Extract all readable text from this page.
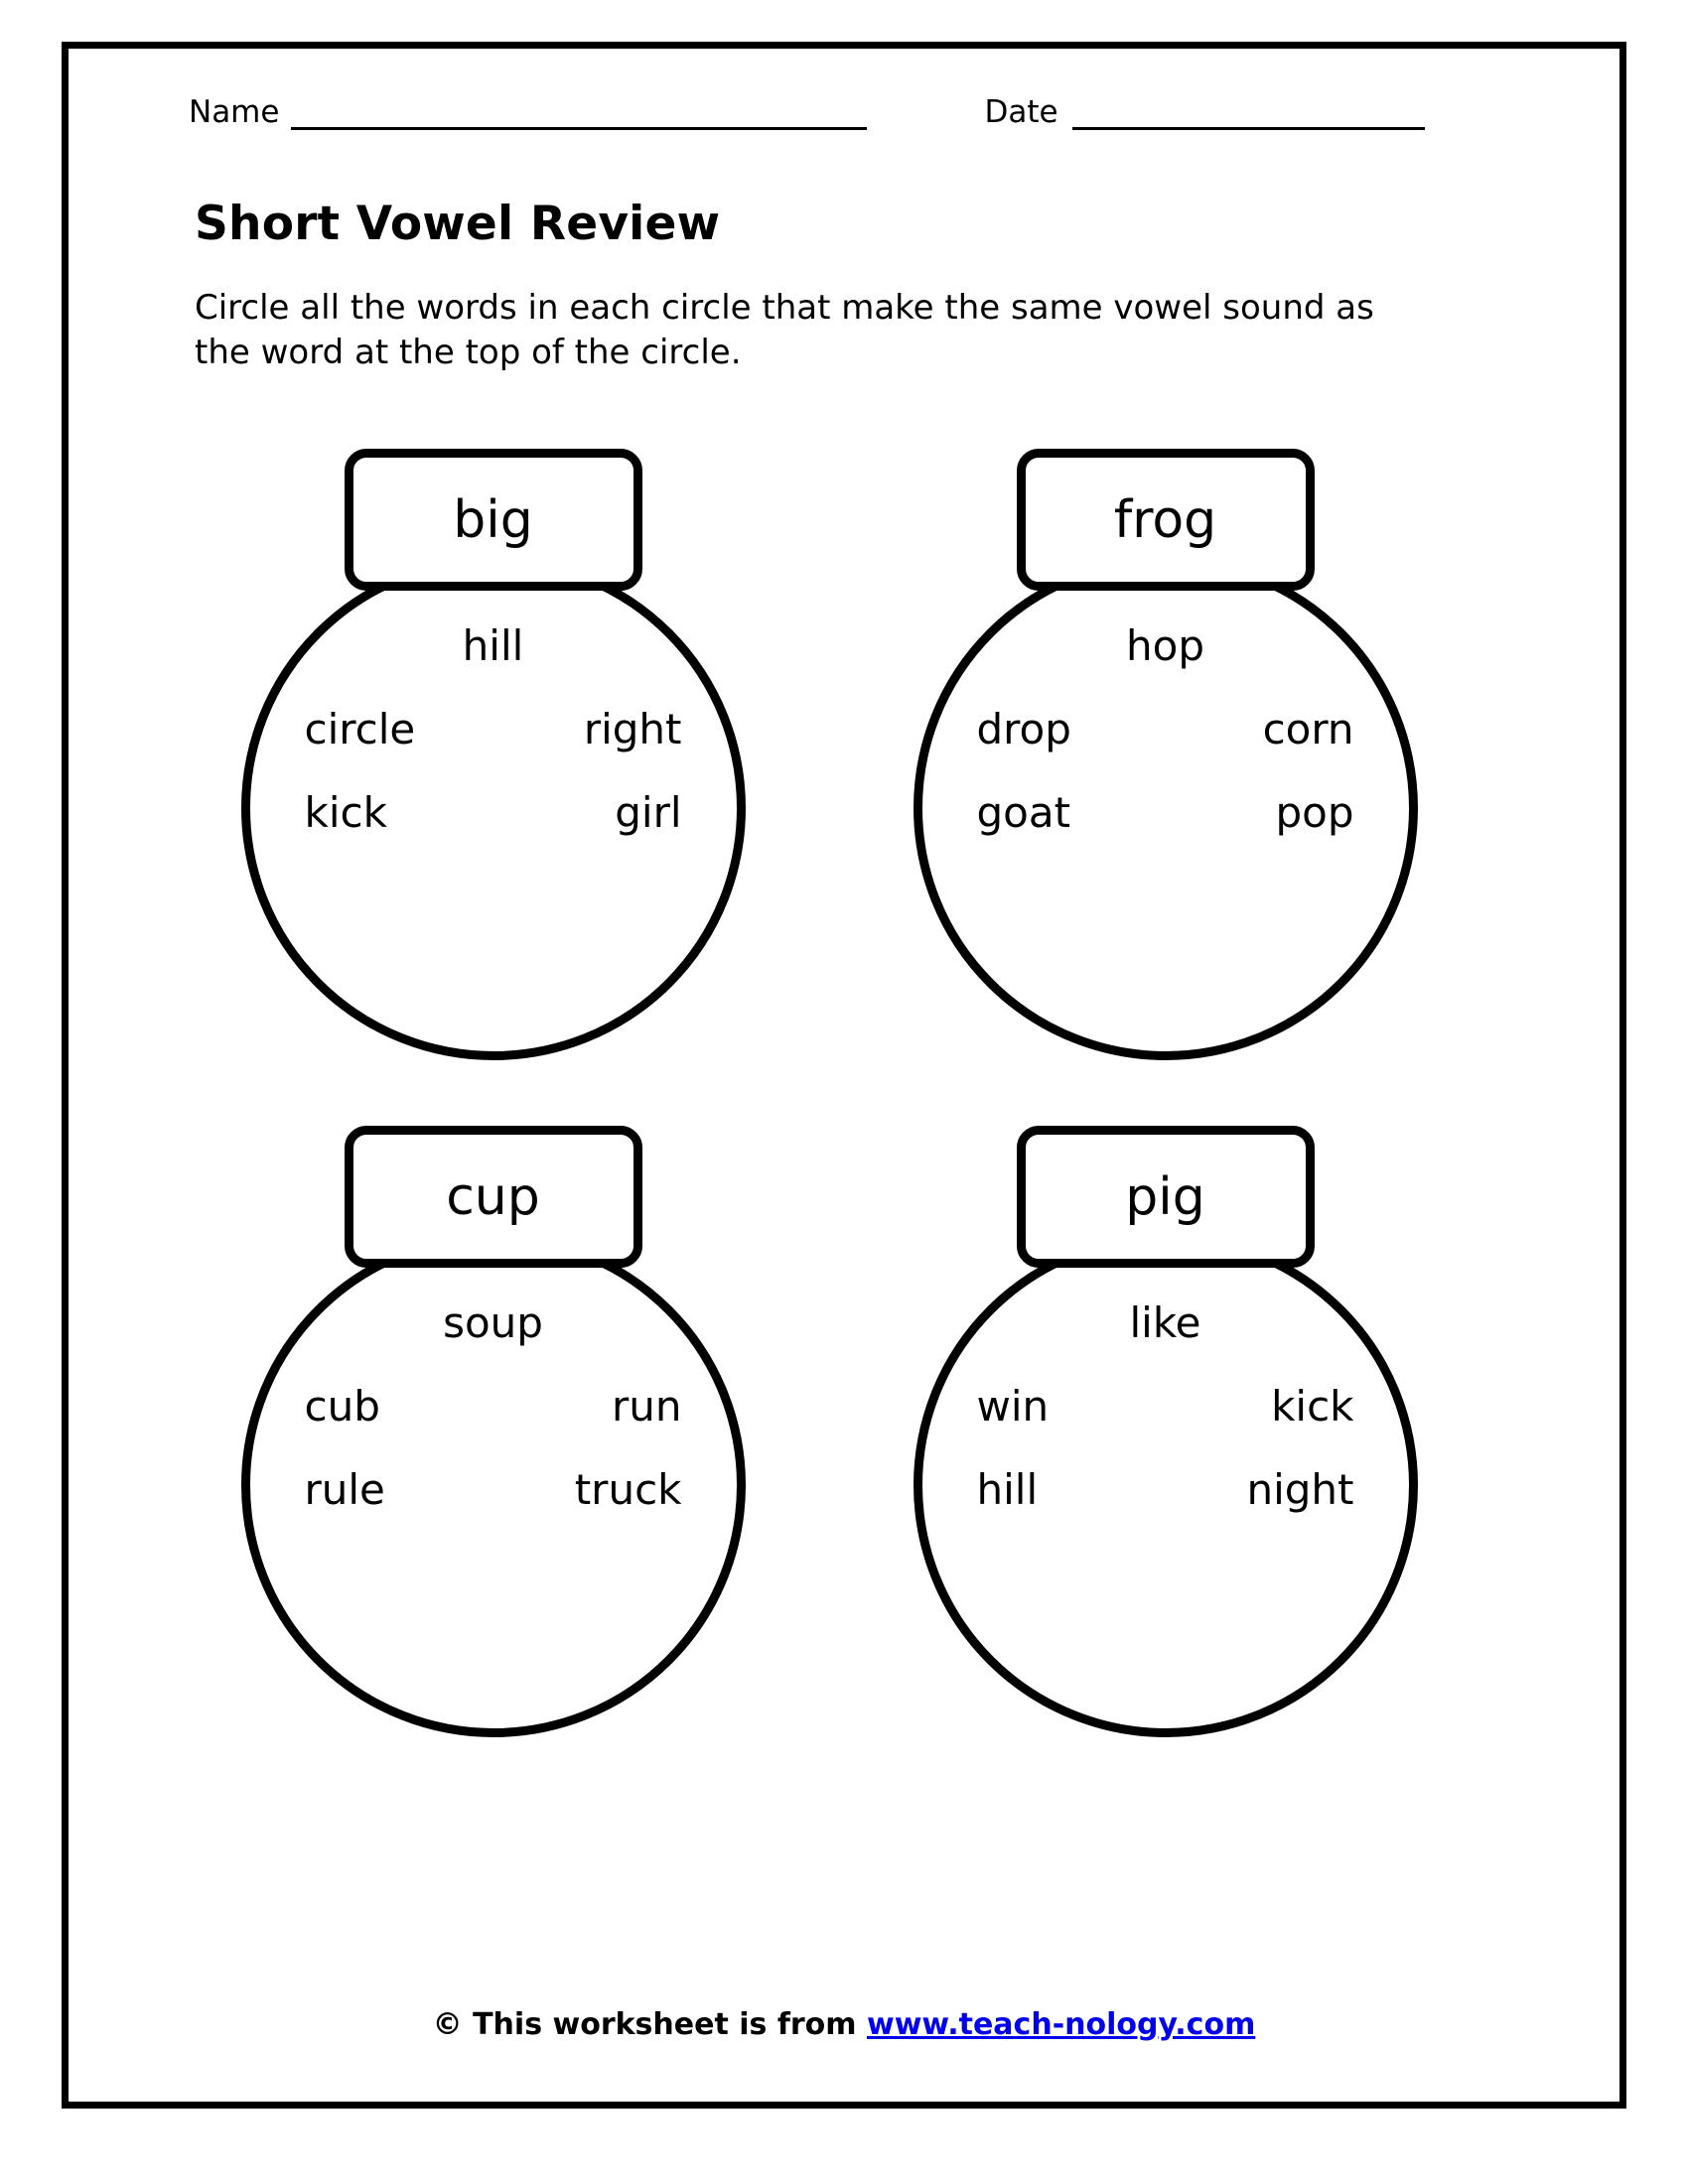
Name	Date
Short Vowel Review
Circle all the words in each circle that make the same vowel sound as the word at the top of the circle.
big
hill
circle	right
kick	girl
frog
hop
drop	corn
goat	pop
cup
soup
cub	run
rule	truck
pig
like
win	kick
hill	night
© This worksheet is from www.teach-nology.com
